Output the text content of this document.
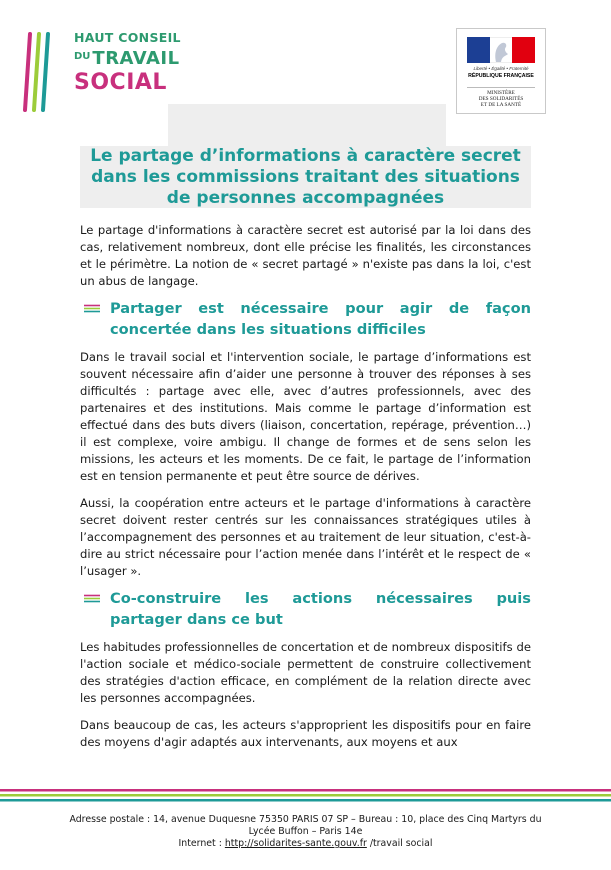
HAUT CONSEIL
DU TRAVAIL
SOCIAL
Liberté • Égalité • Fraternité
RÉPUBLIQUE FRANÇAISE
MINISTÈRE
DES SOLIDARITÉS
ET DE LA SANTÉ
Le partage d’informations à caractère secret
dans les commissions traitant des situations
de personnes accompagnées

Le partage d'informations à caractère secret est autorisé par la loi dans des cas, relativement nombreux, dont elle précise les finalités, les circonstances et le périmètre. La notion de « secret partagé » n'existe pas dans la loi, c'est un abus de langage.

Partager est nécessaire pour agir de façon concertée dans les situations difficiles

Dans le travail social et l'intervention sociale, le partage d’informations est souvent nécessaire afin d’aider une personne à trouver des réponses à ses difficultés : partage avec elle, avec d’autres professionnels, avec des partenaires et des institutions. Mais comme le partage d’information est effectué dans des buts divers (liaison, concertation, repérage, prévention…) il est complexe, voire ambigu. Il change de formes et de sens selon les missions, les acteurs et les moments. De ce fait, le partage de l’information est en tension permanente et peut être source de dérives.

Aussi, la coopération entre acteurs et le partage d'informations à caractère secret doivent rester centrés sur les connaissances stratégiques utiles à l’accompagnement des personnes et au traitement de leur situation, c'est-à-dire au strict nécessaire pour l’action menée dans l’intérêt et le respect de « l’usager ».

Co-construire les actions nécessaires puis partager dans ce but

Les habitudes professionnelles de concertation et de nombreux dispositifs de l'action sociale et médico-sociale permettent de construire collectivement des stratégies d'action efficace, en complément de la relation directe avec les personnes accompagnées.

Dans beaucoup de cas, les acteurs s'approprient les dispositifs pour en faire des moyens d'agir adaptés aux intervenants, aux moyens et aux

Adresse postale : 14, avenue Duquesne 75350 PARIS 07 SP – Bureau : 10, place des Cinq Martyrs du Lycée Buffon – Paris 14e
Internet : http://solidarites-sante.gouv.fr /travail social
